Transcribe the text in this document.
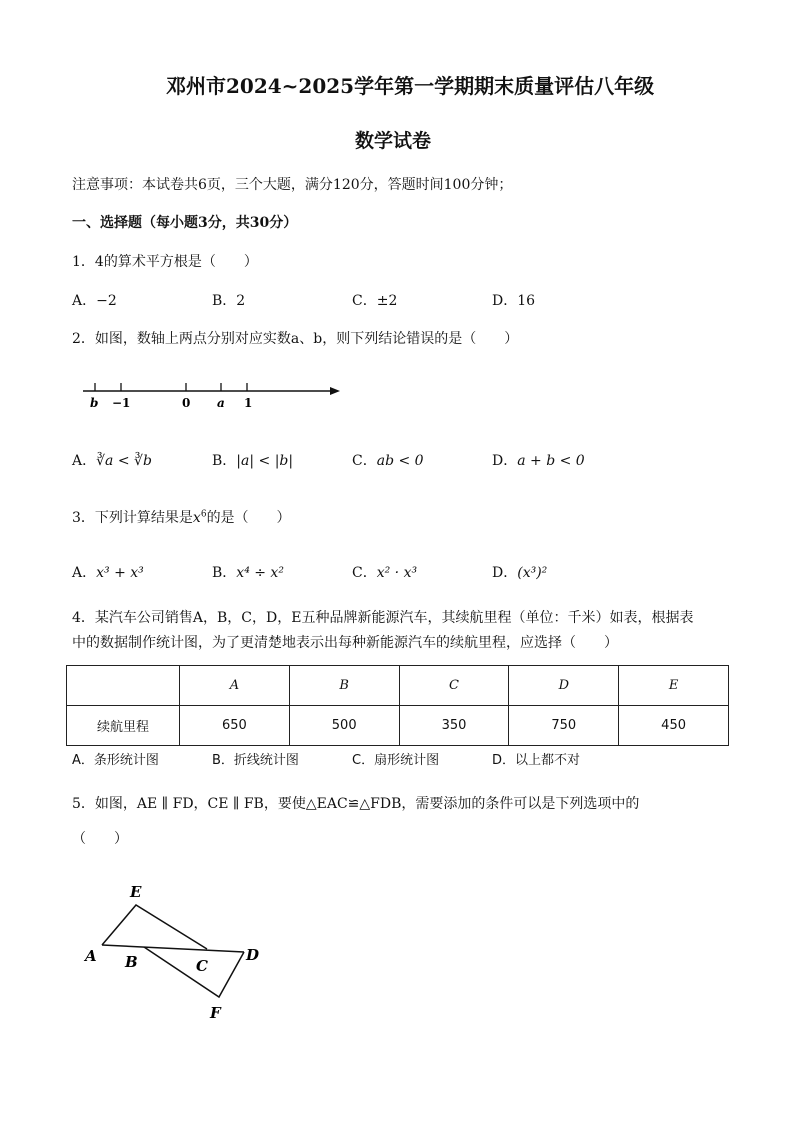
邓州市2024~2025学年第一学期期末质量评估八年级
数学试卷
注意事项：本试卷共6页，三个大题，满分120分，答题时间100分钟；
一、选择题（每小题3分，共30分）
1．4的算术平方根是（　　）
A．−2	B．2	C．±2	D．16
2．如图，数轴上两点分别对应实数a、b，则下列结论错误的是（　　）
b −1	0 a 1
A．∛a < ∛b	B．|a| < |b|	C．ab < 0	D．a + b < 0
3．下列计算结果是$x^6$的是（　　）
A．x³ + x³	B．x⁴ ÷ x²	C．x² · x³	D．(x³)²
4．某汽车公司销售A，B，C，D，E五种品牌新能源汽车，其续航里程（单位：千米）如表，根据表
中的数据制作统计图，为了更清楚地表示出每种新能源汽车的续航里程，应选择（　　）
	A	B	C	D	E
续航里程	650	500	350	750	450
A．条形统计图	B．折线统计图	C．扇形统计图	D．以上都不对
5．如图，AE ∥ FD，CE ∥ FB，要使△EAC≌△FDB，需要添加的条件可以是下列选项中的
（　　）
E
A B	C
D
F
